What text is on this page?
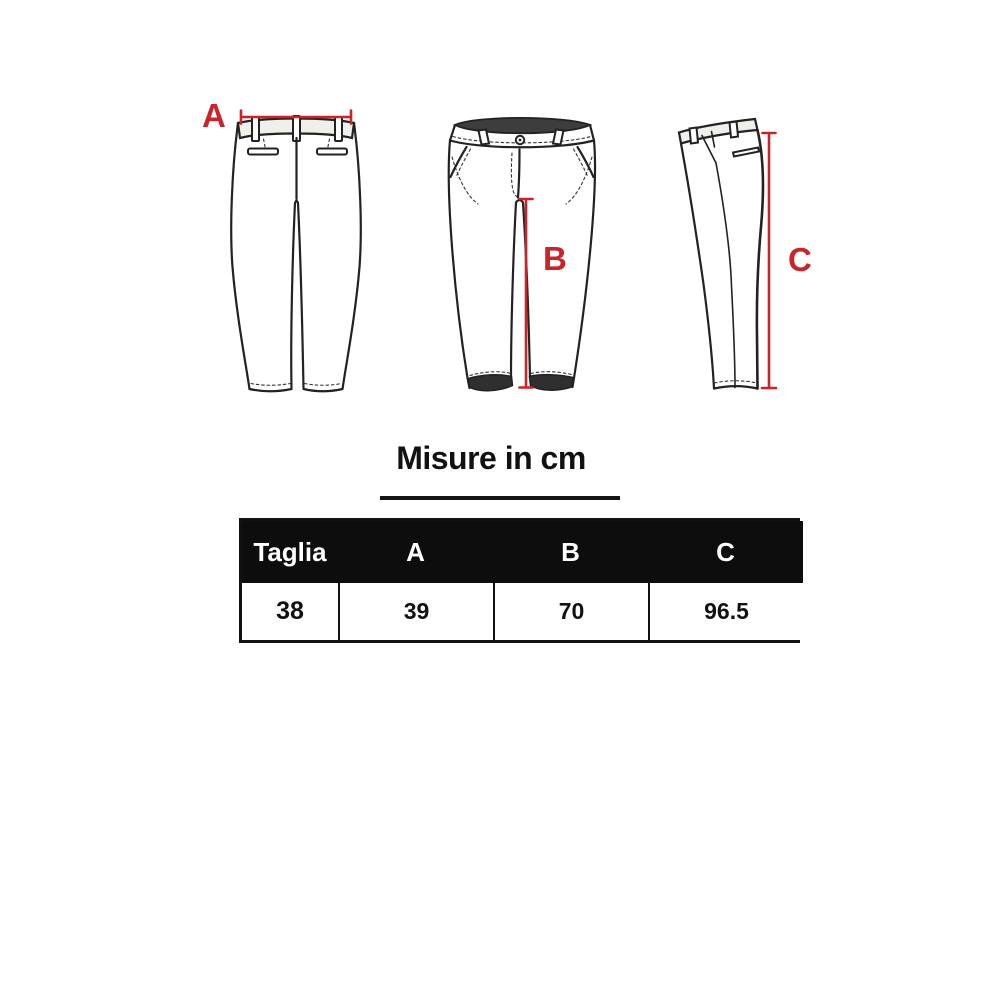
A
B	C
Misure in cm
Taglia	A	B	C
38	39	70	96.5
